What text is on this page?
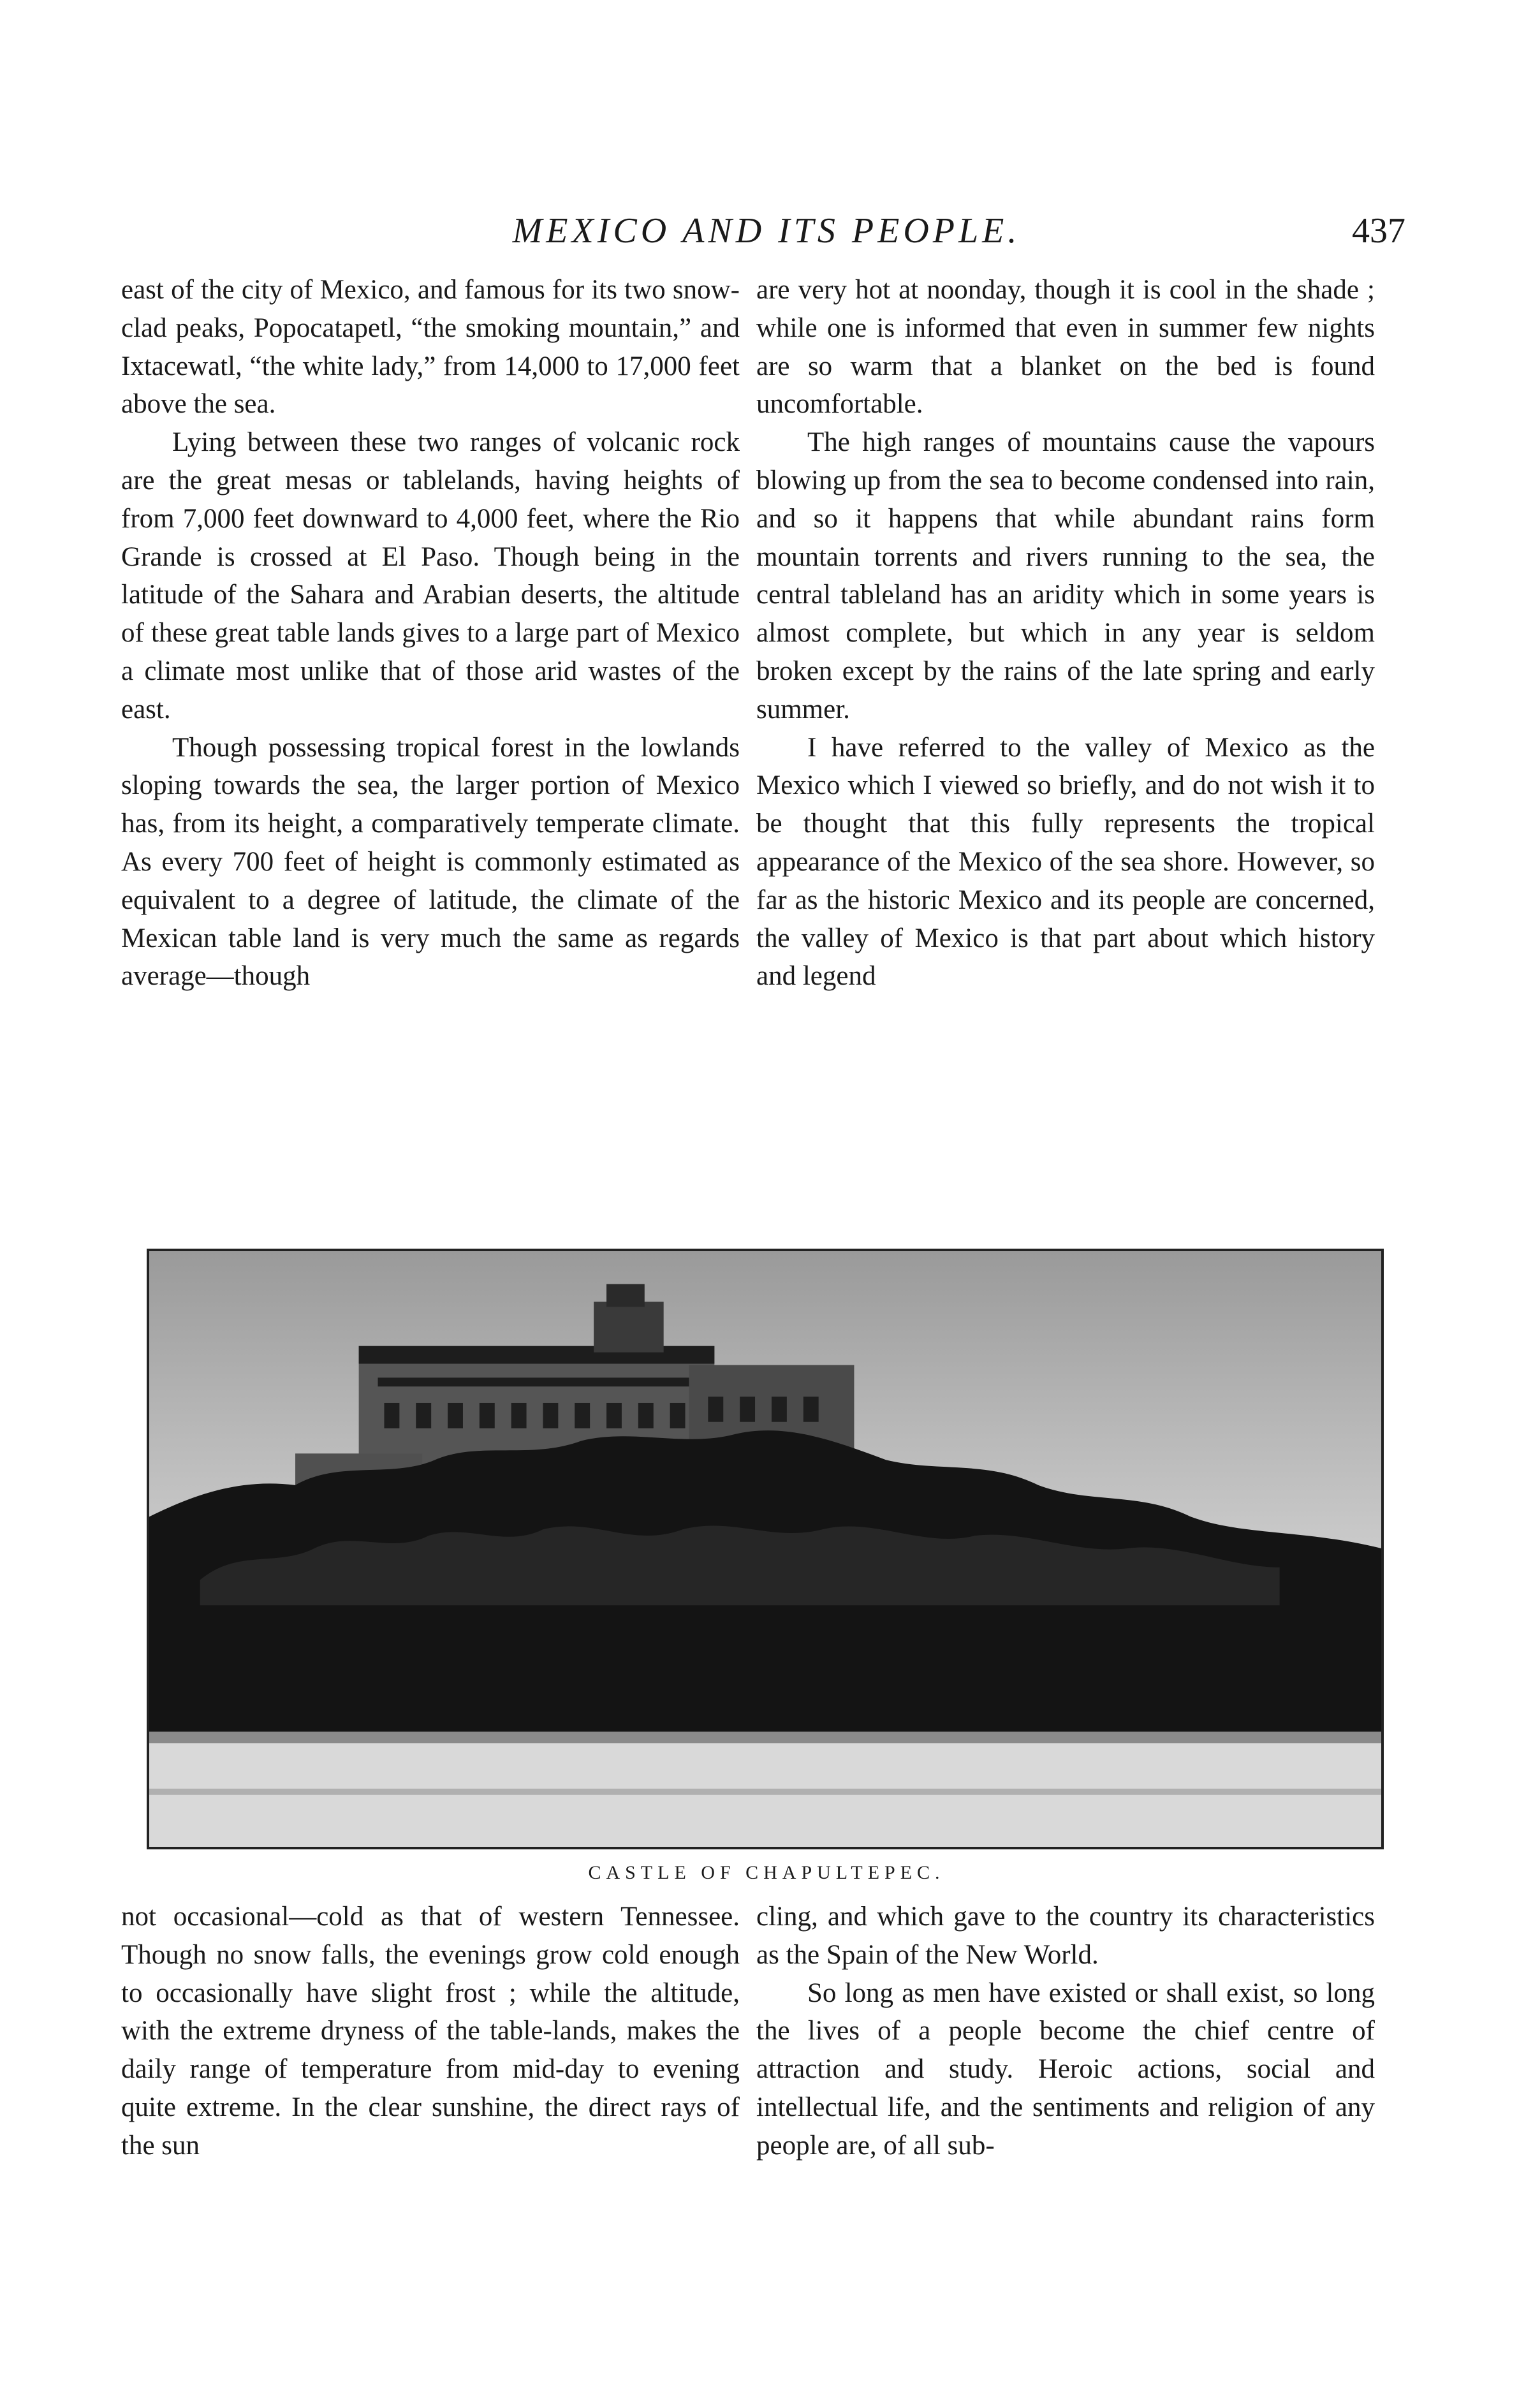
MEXICO AND ITS PEOPLE.	437

east of the city of Mexico, and famous for its two snow-clad peaks, Popocatapetl, “the smoking mountain,” and Ixtacewatl, “the white lady,” from 14,000 to 17,000 feet above the sea.

Lying between these two ranges of volcanic rock are the great mesas or tablelands, having heights of from 7,000 feet downward to 4,000 feet, where the Rio Grande is crossed at El Paso. Though being in the latitude of the Sahara and Arabian deserts, the altitude of these great table lands gives to a large part of Mexico a climate most unlike that of those arid wastes of the east.

Though possessing tropical forest in the lowlands sloping towards the sea, the larger portion of Mexico has, from its height, a comparatively temperate climate. As every 700 feet of height is commonly estimated as equivalent to a degree of latitude, the climate of the Mexican table land is very much the same as regards average—though

are very hot at noonday, though it is cool in the shade ; while one is informed that even in summer few nights are so warm that a blanket on the bed is found uncomfortable.

The high ranges of mountains cause the vapours blowing up from the sea to become condensed into rain, and so it happens that while abundant rains form mountain torrents and rivers running to the sea, the central tableland has an aridity which in some years is almost complete, but which in any year is seldom broken except by the rains of the late spring and early summer.

I have referred to the valley of Mexico as the Mexico which I viewed so briefly, and do not wish it to be thought that this fully represents the tropical appearance of the Mexico of the sea shore. However, so far as the historic Mexico and its people are concerned, the valley of Mexico is that part about which history and legend

CASTLE OF CHAPULTEPEC.

not occasional—cold as that of western Tennessee. Though no snow falls, the evenings grow cold enough to occasionally have slight frost ; while the altitude, with the extreme dryness of the table-lands, makes the daily range of temperature from mid-day to evening quite extreme. In the clear sunshine, the direct rays of the sun

cling, and which gave to the country its characteristics as the Spain of the New World.

So long as men have existed or shall exist, so long the lives of a people become the chief centre of attraction and study. Heroic actions, social and intellectual life, and the sentiments and religion of any people are, of all sub-
